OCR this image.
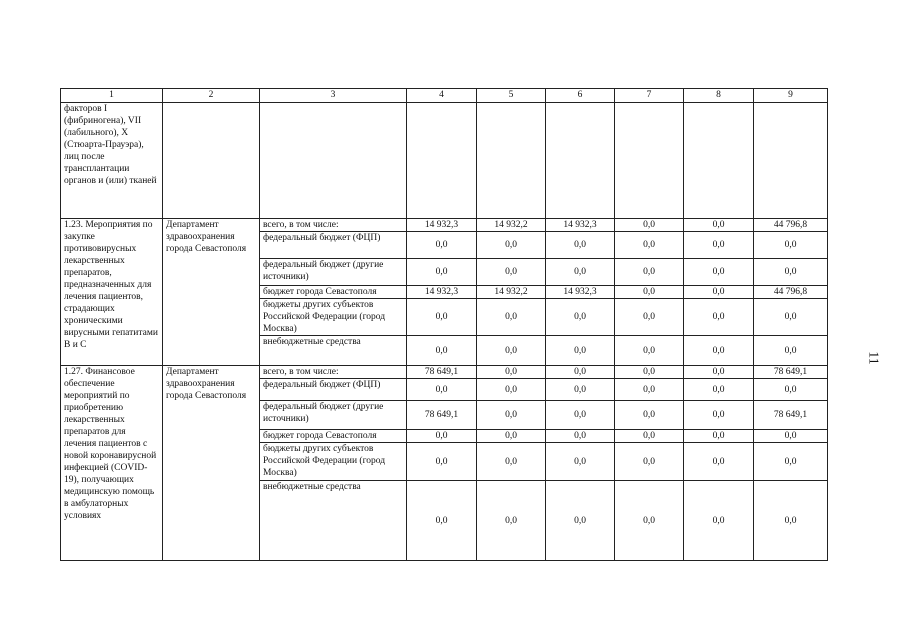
1	2	3	4	5	6	7	8	9
факторов I (фибриногена), VII (лабильного), X (Стюарта-Прауэра), лиц после трансплантации органов и (или) тканей								
1.23. Мероприятия по закупке противовирусных лекарственных препаратов, предназначенных для лечения пациентов, страдающих хроническими вирусными гепатитами В и С	Департамент здравоохранения города Севастополя	всего, в том числе:	14 932,3	14 932,2	14 932,3	0,0	0,0	44 796,8
		федеральный бюджет (ФЦП)	0,0	0,0	0,0	0,0	0,0	0,0
		федеральный бюджет (другие источники)	0,0	0,0	0,0	0,0	0,0	0,0
		бюджет города Севастополя	14 932,3	14 932,2	14 932,3	0,0	0,0	44 796,8
		бюджеты других субъектов Российской Федерации (город Москва)	0,0	0,0	0,0	0,0	0,0	0,0
		внебюджетные средства	0,0	0,0	0,0	0,0	0,0	0,0
1.27. Финансовое обеспечение мероприятий по приобретению лекарственных препаратов для лечения пациентов с новой коронавирусной инфекцией (COVID-19), получающих медицинскую помощь в амбулаторных условиях	Департамент здравоохранения города Севастополя	всего, в том числе:	78 649,1	0,0	0,0	0,0	0,0	78 649,1
		федеральный бюджет (ФЦП)	0,0	0,0	0,0	0,0	0,0	0,0
		федеральный бюджет (другие источники)	78 649,1	0,0	0,0	0,0	0,0	78 649,1
		бюджет города Севастополя	0,0	0,0	0,0	0,0	0,0	0,0
		бюджеты других субъектов Российской Федерации (город Москва)	0,0	0,0	0,0	0,0	0,0	0,0
		внебюджетные средства	0,0	0,0	0,0	0,0	0,0	0,0
11
